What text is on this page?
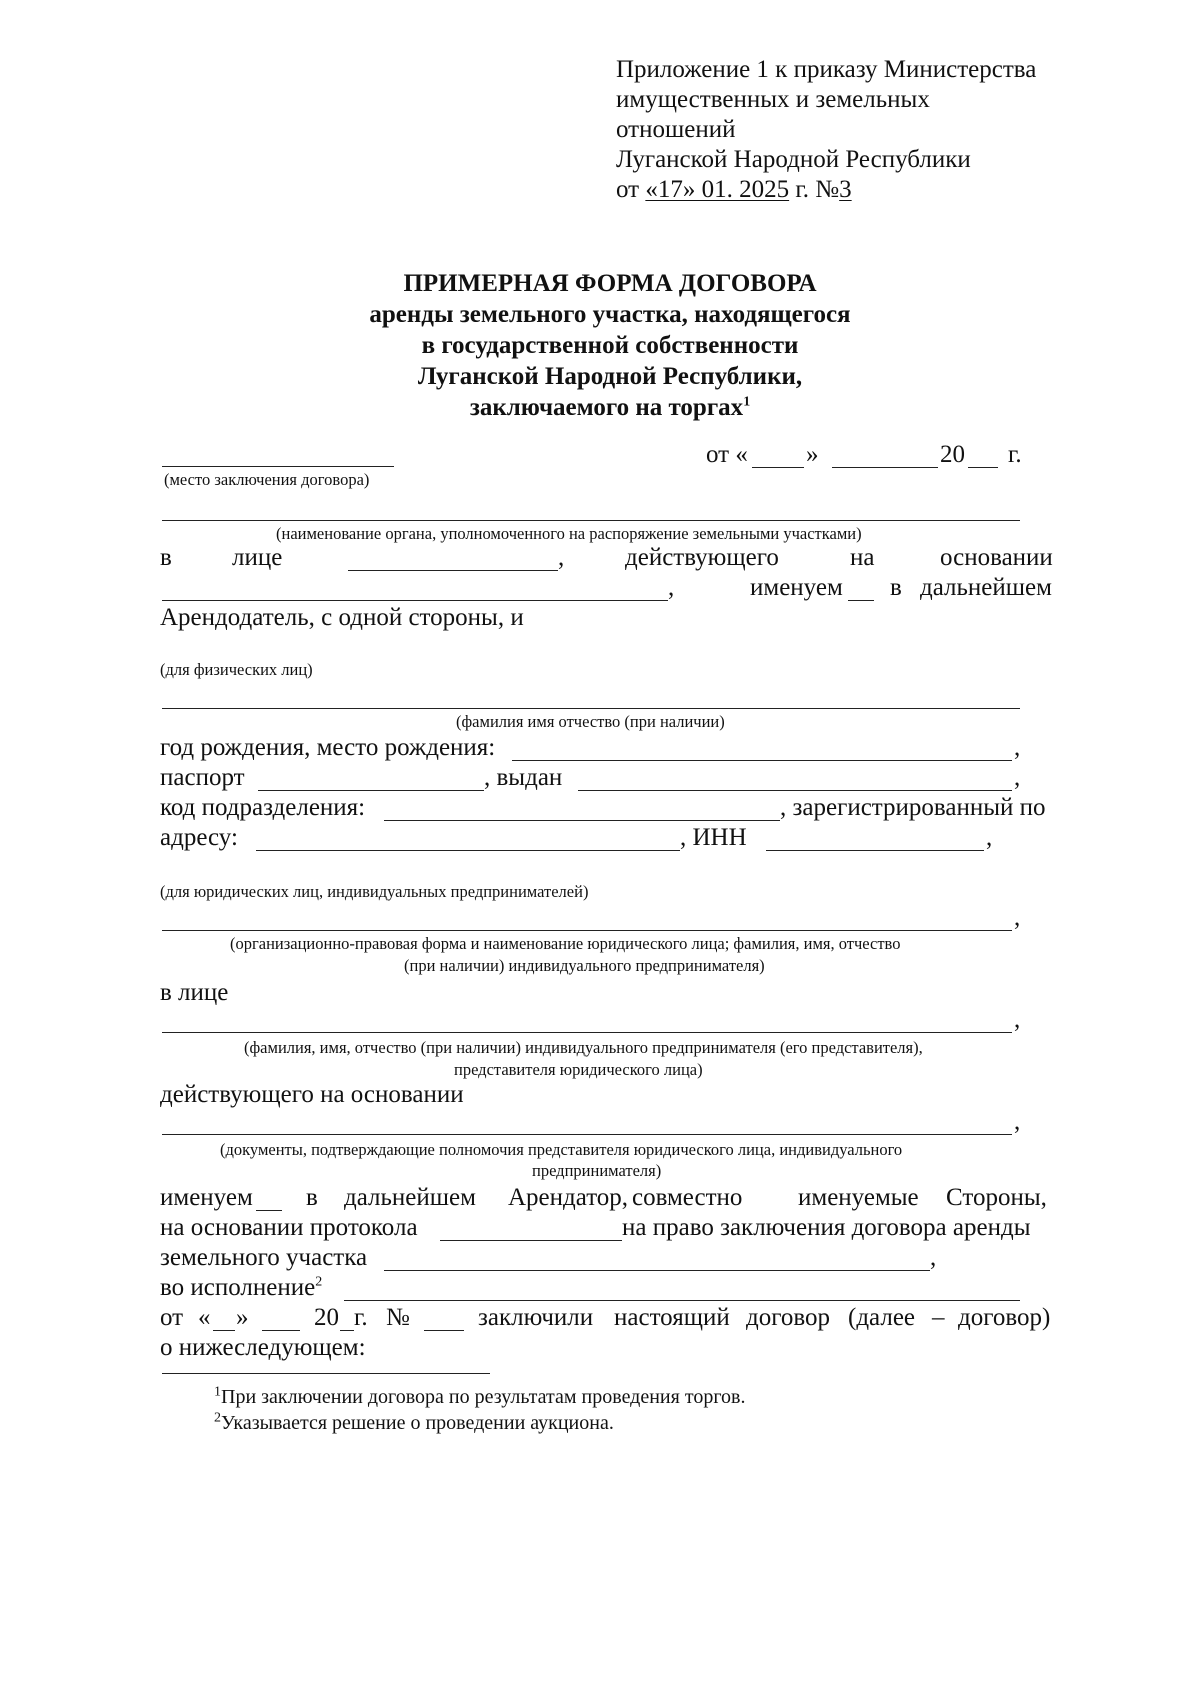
Приложение 1 к приказу Министерства
имущественных и земельных
отношений
Луганской Народной Республики
от «17» 01. 2025 г. №3
ПРИМЕРНАЯ ФОРМА ДОГОВОРА
аренды земельного участка, находящегося
в государственной собственности
Луганской Народной Республики,
заключаемого на торгах$^1$
(место заключения договора)
от « »	20 г.
(наименование органа, уполномоченного на распоряжение земельными участками)
в лице	, действующего	на	основании
,	именуем в дальнейшем
Арендодатель, с одной стороны, и
(для физических лиц)
(фамилия имя отчество (при наличии)
год рождения, место рождения:	,
паспорт	, выдан	,
код подразделения:	, зарегистрированный по
адресу:	, ИНН	,
(для юридических лиц, индивидуальных предпринимателей)
,
(организационно-правовая форма и наименование юридического лица; фамилия, имя, отчество
(при наличии) индивидуального предпринимателя)
в лице
,
(фамилия, имя, отчество (при наличии) индивидуального предпринимателя (его представителя),
представителя юридического лица)
действующего на основании
,
(документы, подтверждающие полномочия представителя юридического лица, индивидуального
предпринимателя)
именуем в дальнейшем Арендатор, совместно именуемые Стороны,
на основании протокола	на право заключения договора аренды
земельного участка	,
во исполнение$^2$
от « »	20 г. №	заключили настоящий договор (далее – договор)
о нижеследующем:
$^1$При заключении договора по результатам проведения торгов.
$^2$Указывается решение о проведении аукциона.
